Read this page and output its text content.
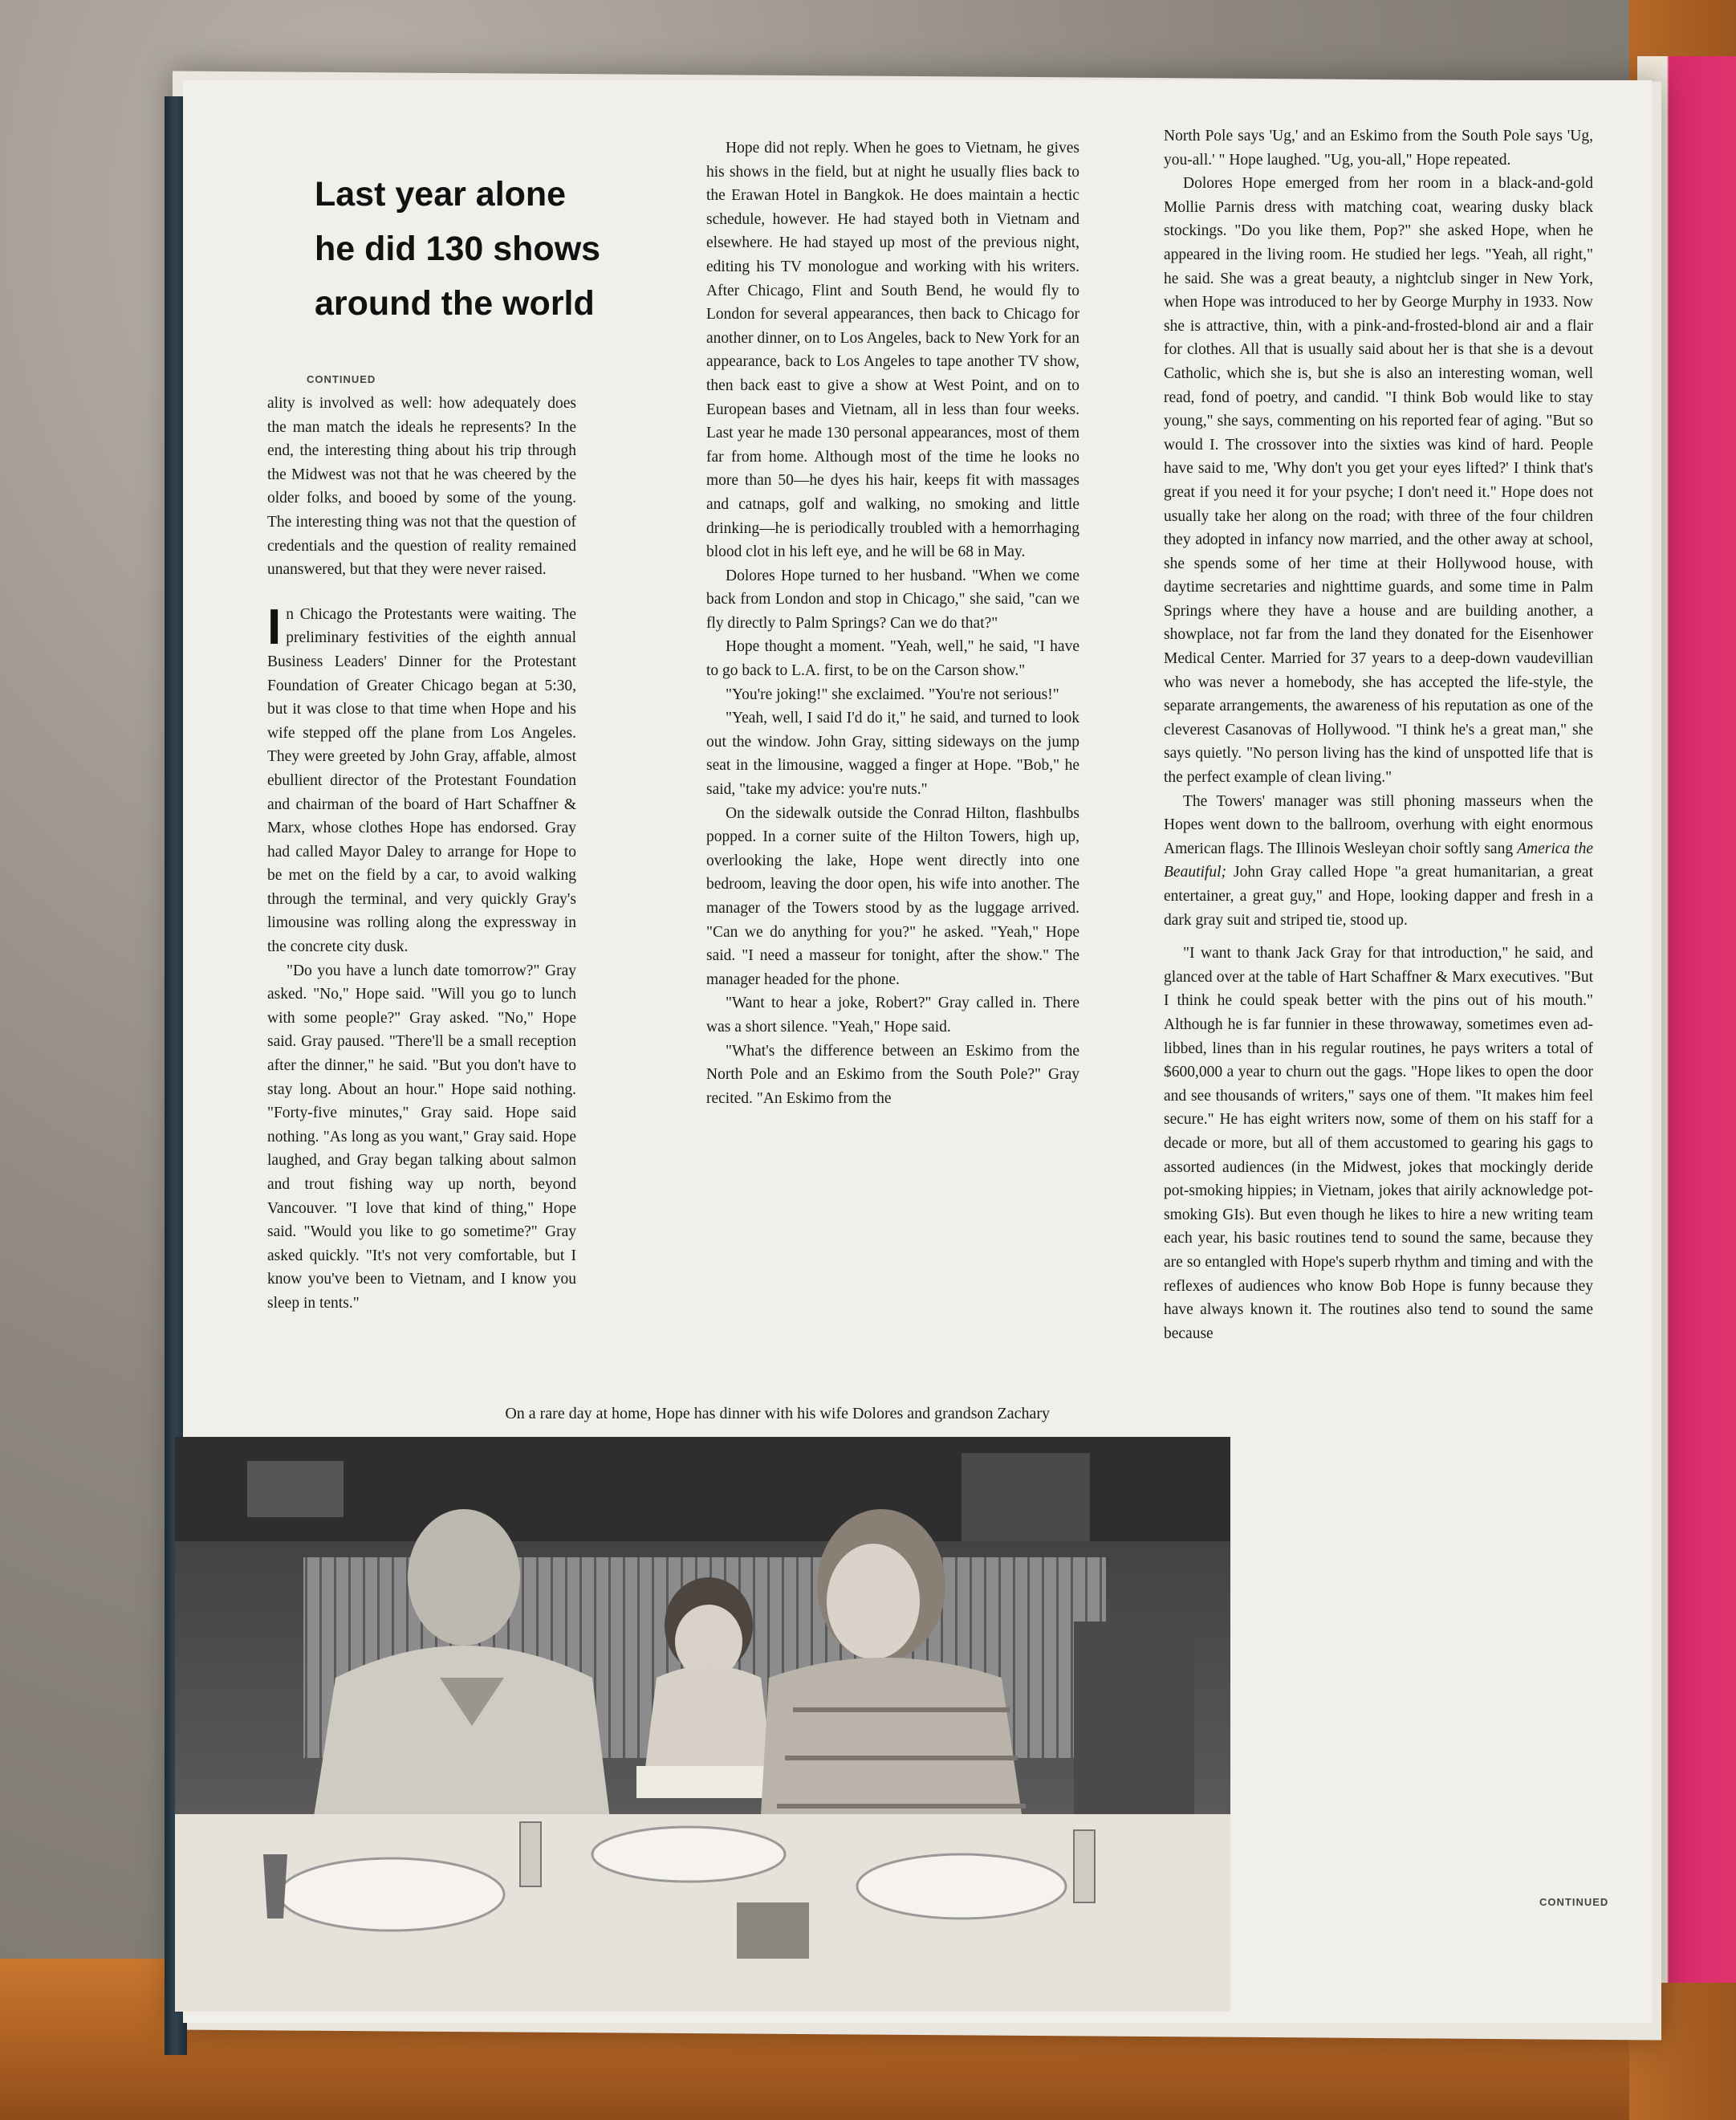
Last year alone
he did 130 shows
around the world
CONTINUED

ality is involved as well: how adequately does the man match the ideals he represents? In the end, the interesting thing about his trip through the Midwest was not that he was cheered by the older folks, and booed by some of the young. The interesting thing was not that the question of credentials and the question of reality remained unanswered, but that they were never raised.

In Chicago the Protestants were waiting. The preliminary festivities of the eighth annual Business Leaders' Dinner for the Protestant Foundation of Greater Chicago began at 5:30, but it was close to that time when Hope and his wife stepped off the plane from Los Angeles. They were greeted by John Gray, affable, almost ebullient director of the Protestant Foundation and chairman of the board of Hart Schaffner & Marx, whose clothes Hope has endorsed. Gray had called Mayor Daley to arrange for Hope to be met on the field by a car, to avoid walking through the terminal, and very quickly Gray's limousine was rolling along the expressway in the concrete city dusk.

"Do you have a lunch date tomorrow?" Gray asked. "No," Hope said. "Will you go to lunch with some people?" Gray asked. "No," Hope said. Gray paused. "There'll be a small reception after the dinner," he said. "But you don't have to stay long. About an hour." Hope said nothing. "Forty-five minutes," Gray said. Hope said nothing. "As long as you want," Gray said. Hope laughed, and Gray began talking about salmon and trout fishing way up north, beyond Vancouver. "I love that kind of thing," Hope said. "Would you like to go sometime?" Gray asked quickly. "It's not very comfortable, but I know you've been to Vietnam, and I know you sleep in tents."

Hope did not reply. When he goes to Vietnam, he gives his shows in the field, but at night he usually flies back to the Erawan Hotel in Bangkok. He does maintain a hectic schedule, however. He had stayed both in Vietnam and elsewhere. He had stayed up most of the previous night, editing his TV monologue and working with his writers. After Chicago, Flint and South Bend, he would fly to London for several appearances, then back to Chicago for another dinner, on to Los Angeles, back to New York for an appearance, back to Los Angeles to tape another TV show, then back east to give a show at West Point, and on to European bases and Vietnam, all in less than four weeks. Last year he made 130 personal appearances, most of them far from home. Although most of the time he looks no more than 50—he dyes his hair, keeps fit with massages and catnaps, golf and walking, no smoking and little drinking—he is periodically troubled with a hemorrhaging blood clot in his left eye, and he will be 68 in May.

Dolores Hope turned to her husband. "When we come back from London and stop in Chicago," she said, "can we fly directly to Palm Springs? Can we do that?"

Hope thought a moment. "Yeah, well," he said, "I have to go back to L.A. first, to be on the Carson show."

"You're joking!" she exclaimed. "You're not serious!"

"Yeah, well, I said I'd do it," he said, and turned to look out the window. John Gray, sitting sideways on the jump seat in the limousine, wagged a finger at Hope. "Bob," he said, "take my advice: you're nuts."

On the sidewalk outside the Conrad Hilton, flashbulbs popped. In a corner suite of the Hilton Towers, high up, overlooking the lake, Hope went directly into one bedroom, leaving the door open, his wife into another. The manager of the Towers stood by as the luggage arrived. "Can we do anything for you?" he asked. "Yeah," Hope said. "I need a masseur for tonight, after the show." The manager headed for the phone.

"Want to hear a joke, Robert?" Gray called in. There was a short silence. "Yeah," Hope said.

"What's the difference between an Eskimo from the North Pole and an Eskimo from the South Pole?" Gray recited. "An Eskimo from the

North Pole says 'Ug,' and an Eskimo from the South Pole says 'Ug, you-all.' " Hope laughed. "Ug, you-all," Hope repeated.

Dolores Hope emerged from her room in a black-and-gold Mollie Parnis dress with matching coat, wearing dusky black stockings. "Do you like them, Pop?" she asked Hope, when he appeared in the living room. He studied her legs. "Yeah, all right," he said. She was a great beauty, a nightclub singer in New York, when Hope was introduced to her by George Murphy in 1933. Now she is attractive, thin, with a pink-and-frosted-blond air and a flair for clothes. All that is usually said about her is that she is a devout Catholic, which she is, but she is also an interesting woman, well read, fond of poetry, and candid. "I think Bob would like to stay young," she says, commenting on his reported fear of aging. "But so would I. The crossover into the sixties was kind of hard. People have said to me, 'Why don't you get your eyes lifted?' I think that's great if you need it for your psyche; I don't need it." Hope does not usually take her along on the road; with three of the four children they adopted in infancy now married, and the other away at school, she spends some of her time at their Hollywood house, with daytime secretaries and nighttime guards, and some time in Palm Springs where they have a house and are building another, a showplace, not far from the land they donated for the Eisenhower Medical Center. Married for 37 years to a deep-down vaudevillian who was never a homebody, she has accepted the life-style, the separate arrangements, the awareness of his reputation as one of the cleverest Casanovas of Hollywood. "I think he's a great man," she says quietly. "No person living has the kind of unspotted life that is the perfect example of clean living."

The Towers' manager was still phoning masseurs when the Hopes went down to the ballroom, overhung with eight enormous American flags. The Illinois Wesleyan choir softly sang America the Beautiful; John Gray called Hope "a great humanitarian, a great entertainer, a great guy," and Hope, looking dapper and fresh in a dark gray suit and striped tie, stood up.

"I want to thank Jack Gray for that introduction," he said, and glanced over at the table of Hart Schaffner & Marx executives. "But I think he could speak better with the pins out of his mouth." Although he is far funnier in these throwaway, sometimes even ad-libbed, lines than in his regular routines, he pays writers a total of $600,000 a year to churn out the gags. "Hope likes to open the door and see thousands of writers," says one of them. "It makes him feel secure." He has eight writers now, some of them on his staff for a decade or more, but all of them accustomed to gearing his gags to assorted audiences (in the Midwest, jokes that mockingly deride pot-smoking hippies; in Vietnam, jokes that airily acknowledge pot-smoking GIs). But even though he likes to hire a new writing team each year, his basic routines tend to sound the same, because they are so entangled with Hope's superb rhythm and timing and with the reflexes of audiences who know Bob Hope is funny because they have always known it. The routines also tend to sound the same because

CONTINUED
On a rare day at home, Hope has dinner with his wife Dolores and grandson Zachary
